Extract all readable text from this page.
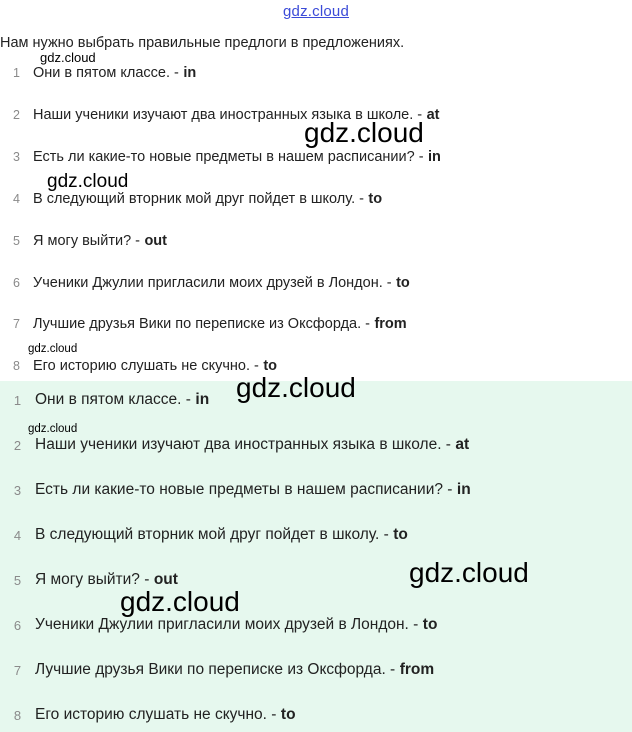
gdz.cloud
Нам нужно выбрать правильные предлоги в предложениях.
1 Они в пятом классе. -
in
2 Наши ученики изучают два иностранных языка в школе. -
at
3 Есть ли какие-то новые предметы в нашем расписании? -
in
4 В следующий вторник мой друг пойдет в школу. -
to
5 Я могу выйти? -
out
6 Ученики Джулии пригласили моих друзей в Лондон. -
to
7 Лучшие друзья Вики по переписке из Оксфорда. -
from
8 Его историю слушать не скучно. -
to
1 Они в пятом классе. -
in
2 Наши ученики изучают два иностранных языка в школе. -
at
3 Есть ли какие-то новые предметы в нашем расписании? -
in
4 В следующий вторник мой друг пойдет в школу. -
to
5 Я могу выйти? -
out
6 Ученики Джулии пригласили моих друзей в Лондон. -
to
7 Лучшие друзья Вики по переписке из Оксфорда. -
from
8 Его историю слушать не скучно. -
to
gdz.cloud
gdz.cloud
gdz.cloud
gdz.cloud
gdz.cloud
gdz.cloud
gdz.cloud
gdz.cloud
